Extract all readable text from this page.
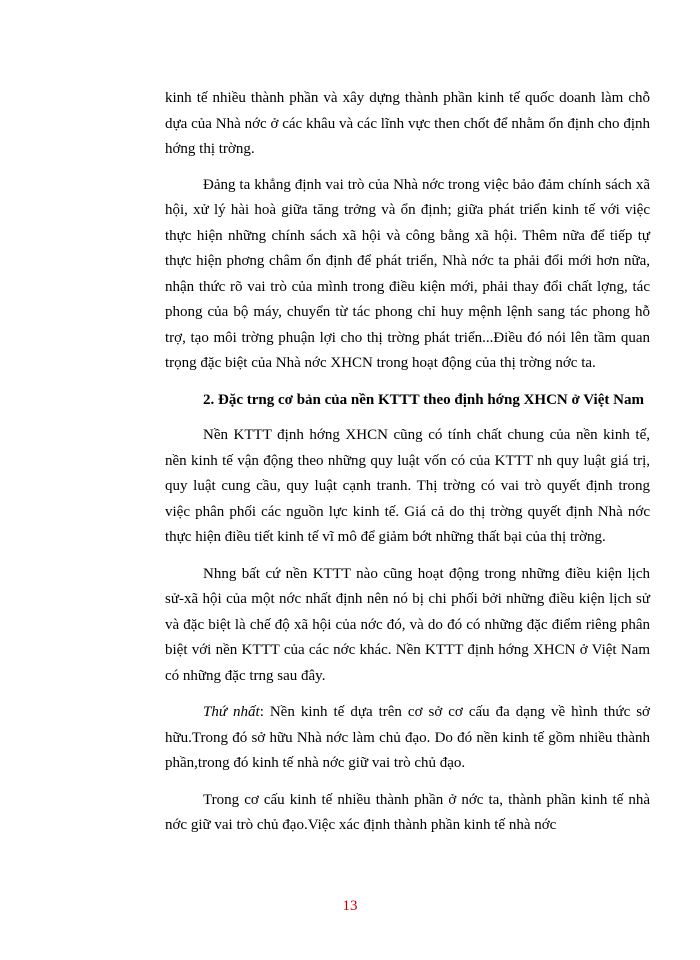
kinh tế nhiều thành phần và xây dựng thành phần kinh tế quốc doanh làm chỗ dựa của Nhà nớc ở các khâu và các lĩnh vực then chốt để nhằm ổn định cho định hớng thị trờng.

Đảng ta khẳng định vai trò của Nhà nớc trong việc bảo đảm chính sách xã hội, xử lý hài hoà giữa tăng trởng và ổn định; giữa phát triển kinh tế với việc thực hiện những chính sách xã hội và công bằng xã hội. Thêm nữa để tiếp tự thực hiện phơng châm ổn định để phát triển, Nhà nớc ta phải đổi mới hơn nữa, nhận thức rõ vai trò của mình trong điều kiện mới, phải thay đổi chất lợng, tác phong của bộ máy, chuyển từ tác phong chỉ huy mệnh lệnh sang tác phong hỗ trợ, tạo môi trờng phuận lợi cho thị trờng phát triển...Điều đó nói lên tầm quan trọng đặc biệt của Nhà nớc XHCN trong hoạt động của thị trờng nớc ta.

2. Đặc trng cơ bản của nền KTTT theo định hớng XHCN ở Việt Nam

Nền KTTT định hớng XHCN cũng có tính chất chung của nền kinh tế, nền kinh tế vận động theo những quy luật vốn có của KTTT nh quy luật giá trị, quy luật cung cầu, quy luật cạnh tranh. Thị trờng có vai trò quyết định trong việc phân phối các nguồn lực kinh tế. Giá cả do thị trờng quyết định Nhà nớc thực hiện điều tiết kinh tế vĩ mô để giảm bớt những thất bại của thị trờng.

Nhng bất cứ nền KTTT nào cũng hoạt động trong những điều kiện lịch sử-xã hội của một nớc nhất định nên nó bị chi phối bởi những điều kiện lịch sử và đặc biệt là chế độ xã hội của nớc đó, và do đó có những đặc điểm riêng phân biệt với nền KTTT của các nớc khác. Nền KTTT định hớng XHCN ở Việt Nam có những đặc trng sau đây.

Thứ nhất: Nền kinh tế dựa trên cơ sở cơ cấu đa dạng về hình thức sở hữu.Trong đó sở hữu Nhà nớc làm chủ đạo. Do đó nền kinh tế gồm nhiều thành phần,trong đó kinh tế nhà nớc giữ vai trò chủ đạo.

Trong cơ cấu kinh tế nhiều thành phần ở nớc ta, thành phần kinh tế nhà nớc giữ vai trò chủ đạo.Việc xác định thành phần kinh tế nhà nớc

13
